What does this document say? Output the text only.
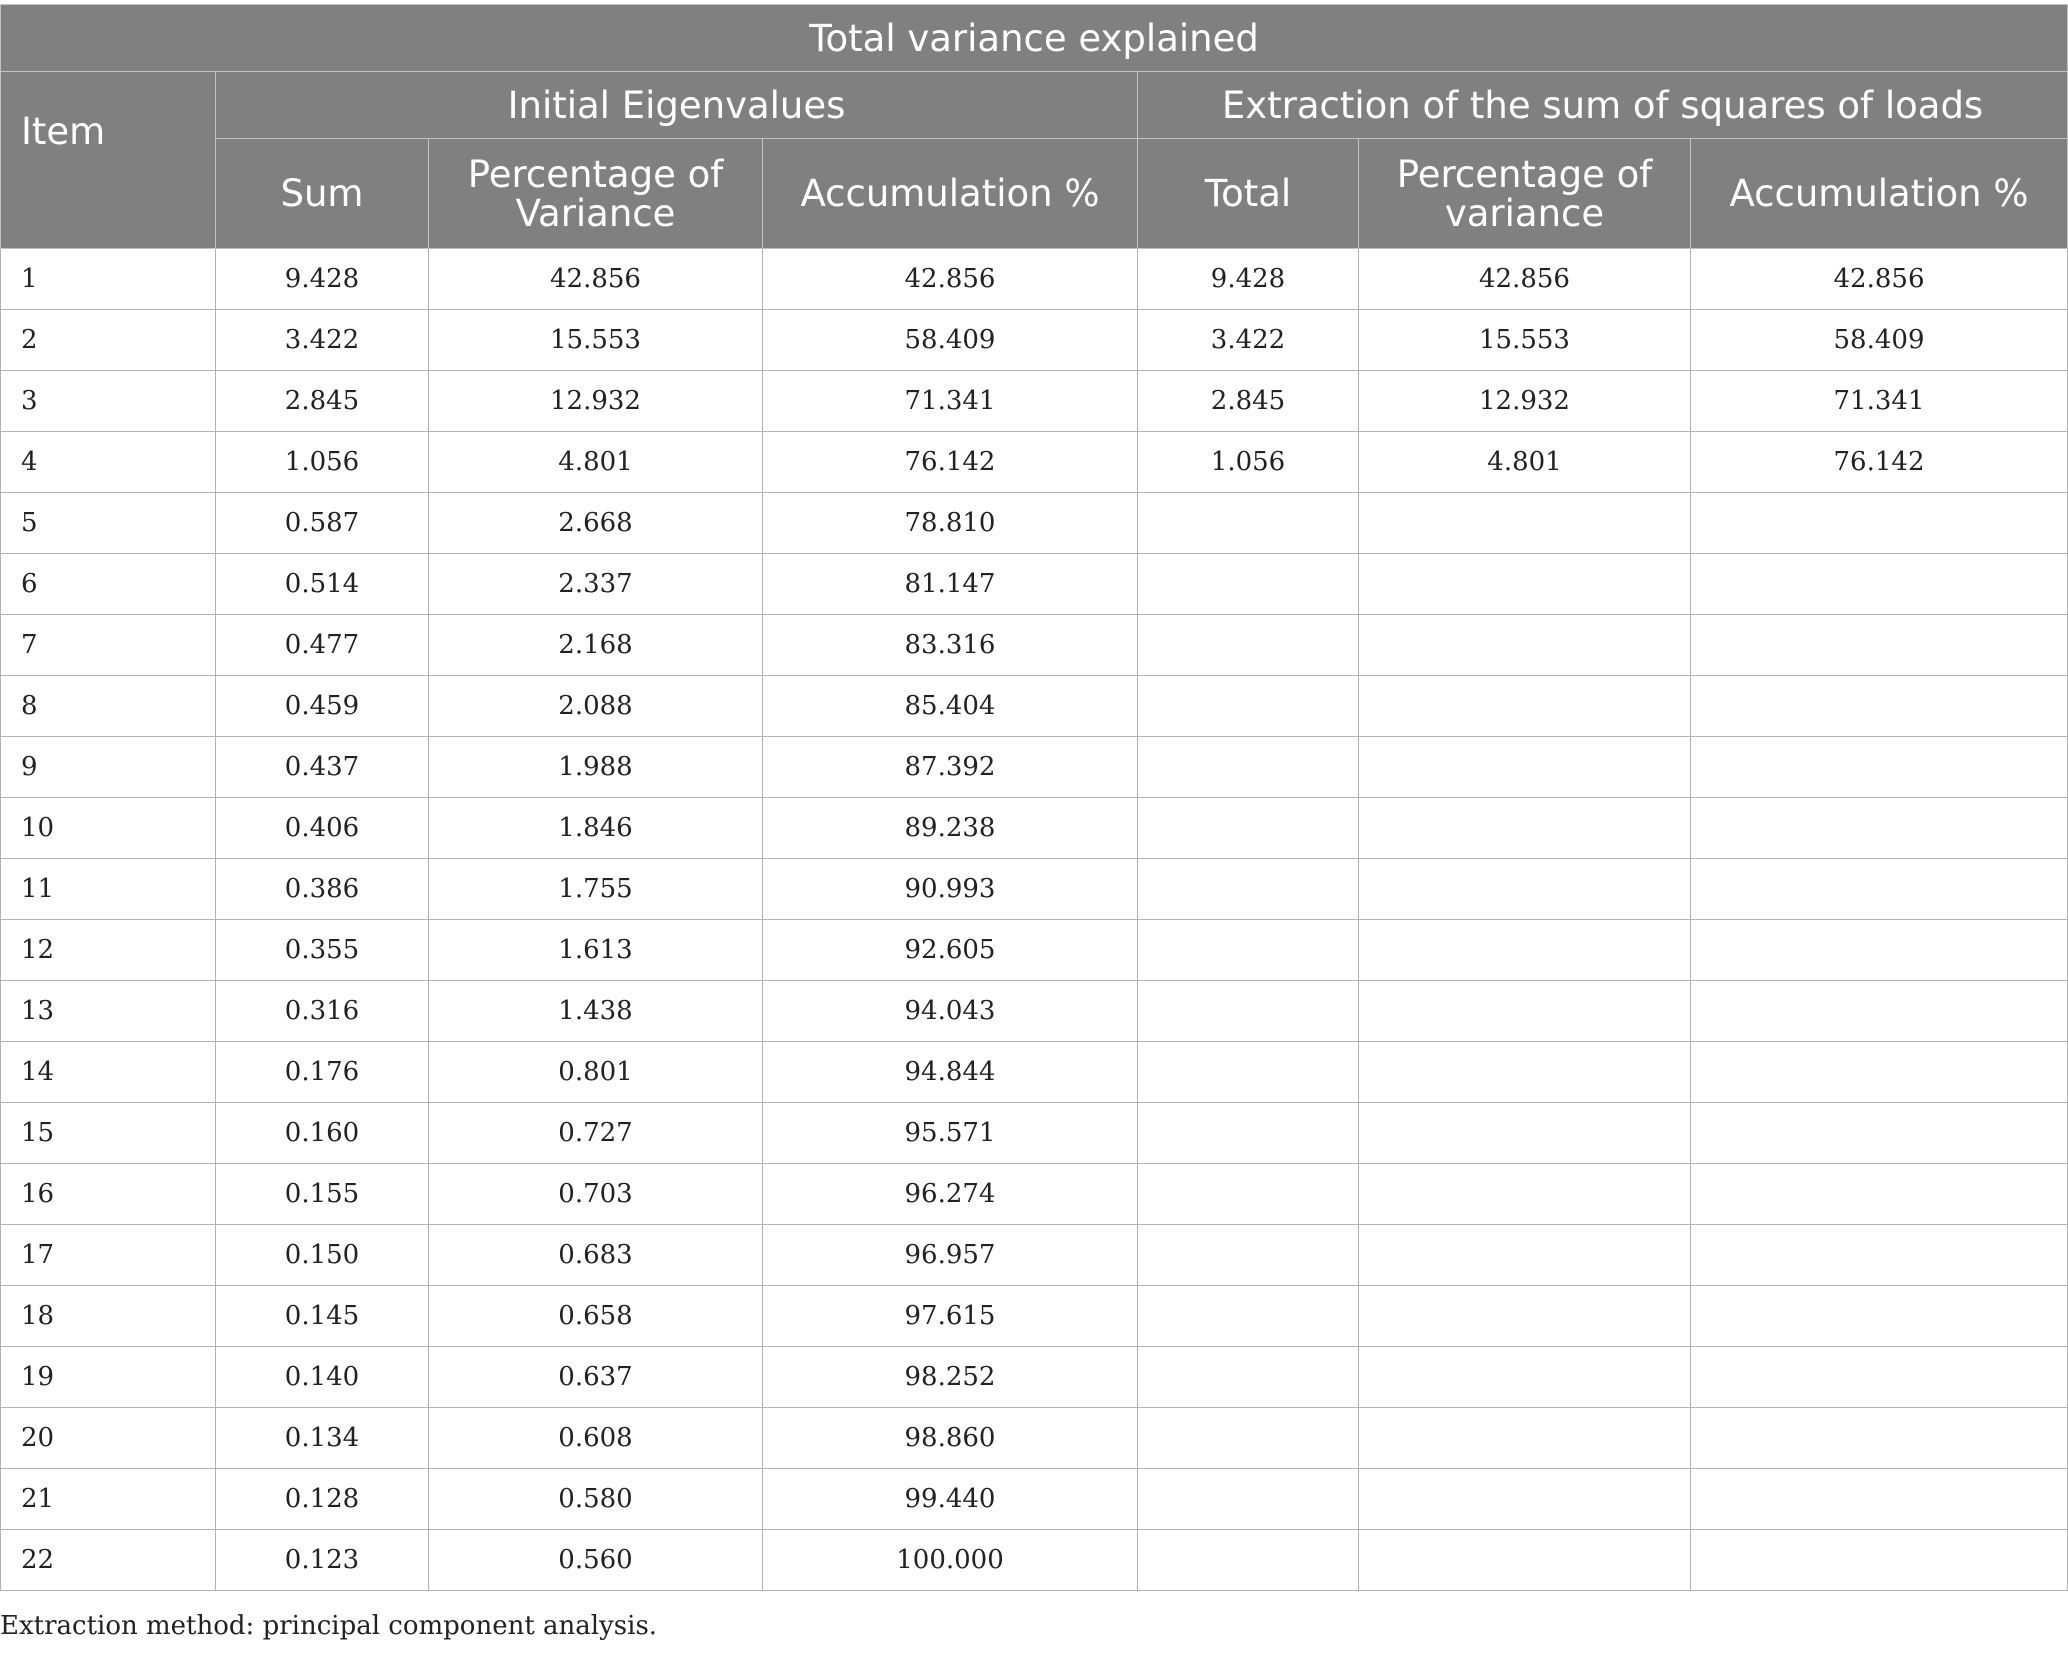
Total variance explained						
Item	Initial Eigenvalues			Extraction of the sum of squares of loads		
	Sum	Percentage of Variance	Accumulation %	Total	Percentage of variance	Accumulation %
1	9.428	42.856	42.856	9.428	42.856	42.856
2	3.422	15.553	58.409	3.422	15.553	58.409
3	2.845	12.932	71.341	2.845	12.932	71.341
4	1.056	4.801	76.142	1.056	4.801	76.142
5	0.587	2.668	78.810			
6	0.514	2.337	81.147			
7	0.477	2.168	83.316			
8	0.459	2.088	85.404			
9	0.437	1.988	87.392			
10	0.406	1.846	89.238			
11	0.386	1.755	90.993			
12	0.355	1.613	92.605			
13	0.316	1.438	94.043			
14	0.176	0.801	94.844			
15	0.160	0.727	95.571			
16	0.155	0.703	96.274			
17	0.150	0.683	96.957			
18	0.145	0.658	97.615			
19	0.140	0.637	98.252			
20	0.134	0.608	98.860			
21	0.128	0.580	99.440			
22	0.123	0.560	100.000			
Extraction method: principal component analysis.
